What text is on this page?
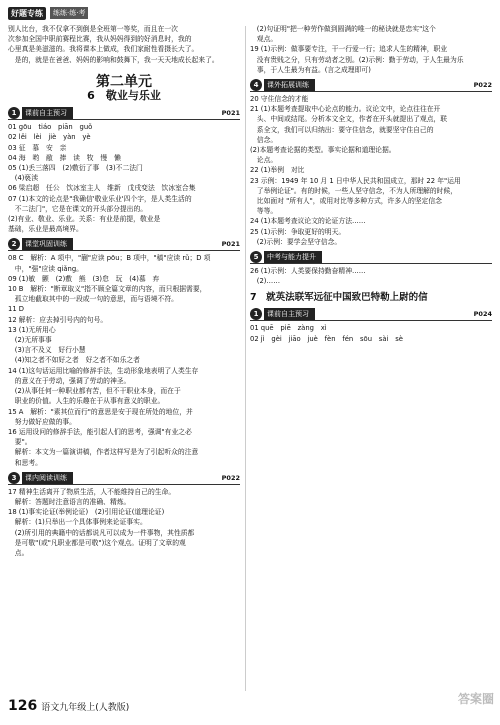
好题专练	练练·练·考

别人比台，我不仅拿不到倒是全班第一等奖，而且在一次

次参加全国中职前赛程比赛，我从妈妈得到的好消息时，我的

心里真是美滋滋的。我将课本上做成，我们家耐性看摄长大了。

　是的，就是在爸爸、妈妈的影响和鼓舞下，我一天天地成长起来了。

第二单元
6　敬业与乐业
1	课前自主预习	P021

01 gōu　tiáo　piān　guǒ

02 lěi　lèi　jiè　yàn　yè

03 征　慕　安　亲

04 海　哟　敝　捧　读　牧　慢　懒

05 (1)丢三落四　(2)敷衍了事　(3)不二法门

　(4)亵渎

06 梁启超　任公　饮冰室主人　维新　戊戌变法　饮冰室合集

07 (1)本文的论点是"我确信'敬业乐业'四个字，是人类生活的

　不二法门"，它是在课文的开头部分提出的。

(2)有业、敬业、乐业。关系：有业是前提，敬业是

基础，乐业是最高境界。

2	课堂巩固训练	P021

08 C　解析：A 项中，"蒯"应读 pōu；B 项中，"稿"应读 rǔ；D 项

　中，"强"应读 qiǎng。

09 (1)敏　颤　(2)敷　熊　(3)怠　玩　(4)慕　弃

10 B　解析："断章取义"指不顾全篇文章的内容，而只根据需要，

　孤立地截取其中的一段或一句的意思，而与语境不符。

11 D

12 解析：应去掉引号内的句号。

13 (1)无所用心

　(2)无所事事

　(3)言不及义　好行小慧

　(4)知之者不如好之者　好之者不如乐之者

14 (1)这句话运用比喻的修辞手法，生动形象地表明了人类生存

　的意义在于劳动，强调了劳动的神圣。

　(2)从事任何一种职业都有苦，但不干职业本身，而在于

　职业的价值。人生的乐趣在于从事有意义的职业。

15 A　解析："素其位而行"的意思是安于现在所处的地位，并

　努力做好应做的事。

16 运用设问的修辞手法，能引起人们的思考，强调"有业之必

　要"。

　解析：本文为一篇演讲稿，作者这样写是为了引起听众的注意

　和思考。

3	课内阅读训练	P022

17 精神生活离开了物质生活，人不能维持自己的生命。

　解析：答题时注意语言的准确、精炼。

18 (1)事实论证(举例论证)　(2)引用论证(道理论证)

　解析：(1)只举出一个具体事例来论证事实。

　(2)所引用的典籍中的话都说凡可以成为一件事物，其性质都

　是可敬"(或"凡职业都是可敬")这个观点。证明了文章的观

　点。

　(2)句证明"把一种劳作做到圆满的唯一的秘诀就是忠实"这个

　观点。

19 (1)示例：做事要专注，干一行爱一行；追求人生的精神，职业

　没有贵贱之分，只有劳动者之别。(2)示例：勤于劳动，于人生最为乐

　事，于人生最为有益。(言之成理即可)

4	课外拓展训练	P022

20 守住信念的才能

21 (1)本题考查提取中心论点的能力。议论文中，论点往往在开

　头、中间或结尾。分析本文全文，作者在开头就提出了观点，联

　系全文，我们可以归纳出：要守住信念，就要坚守住自己的

　信念。

(2)本题考查论据的类型。事实论据和道理论据。

　论点。

22 (1)举例　对比

23 示例：1949 年 10 月 1 日中华人民共和国成立，那时 22 年"运用

　了举例论证"。有的时候，一些人坚守信念，不为人所理解的时候，

　比如面对 "所有人"，或用对比等多种方式，许多人的坚定信念

　等等。

24 (1)本题考查议论文的论证方法……

25 (1)示例：争取更好的明天。

　(2)示例：要学会坚守信念。

5	中考与能力提升

26 (1)示例：人类要保持勤奋精神……

　(2)……

7　就英法联军远征中国致巴特勒上尉的信
1	课前自主预习	P024

01 quē　piē　zàng　xì

02 jì　gèi　jiāo　juè　fèn　fén　sōu　sài　sè

126 语文九年级上(人教版)
答案圈
